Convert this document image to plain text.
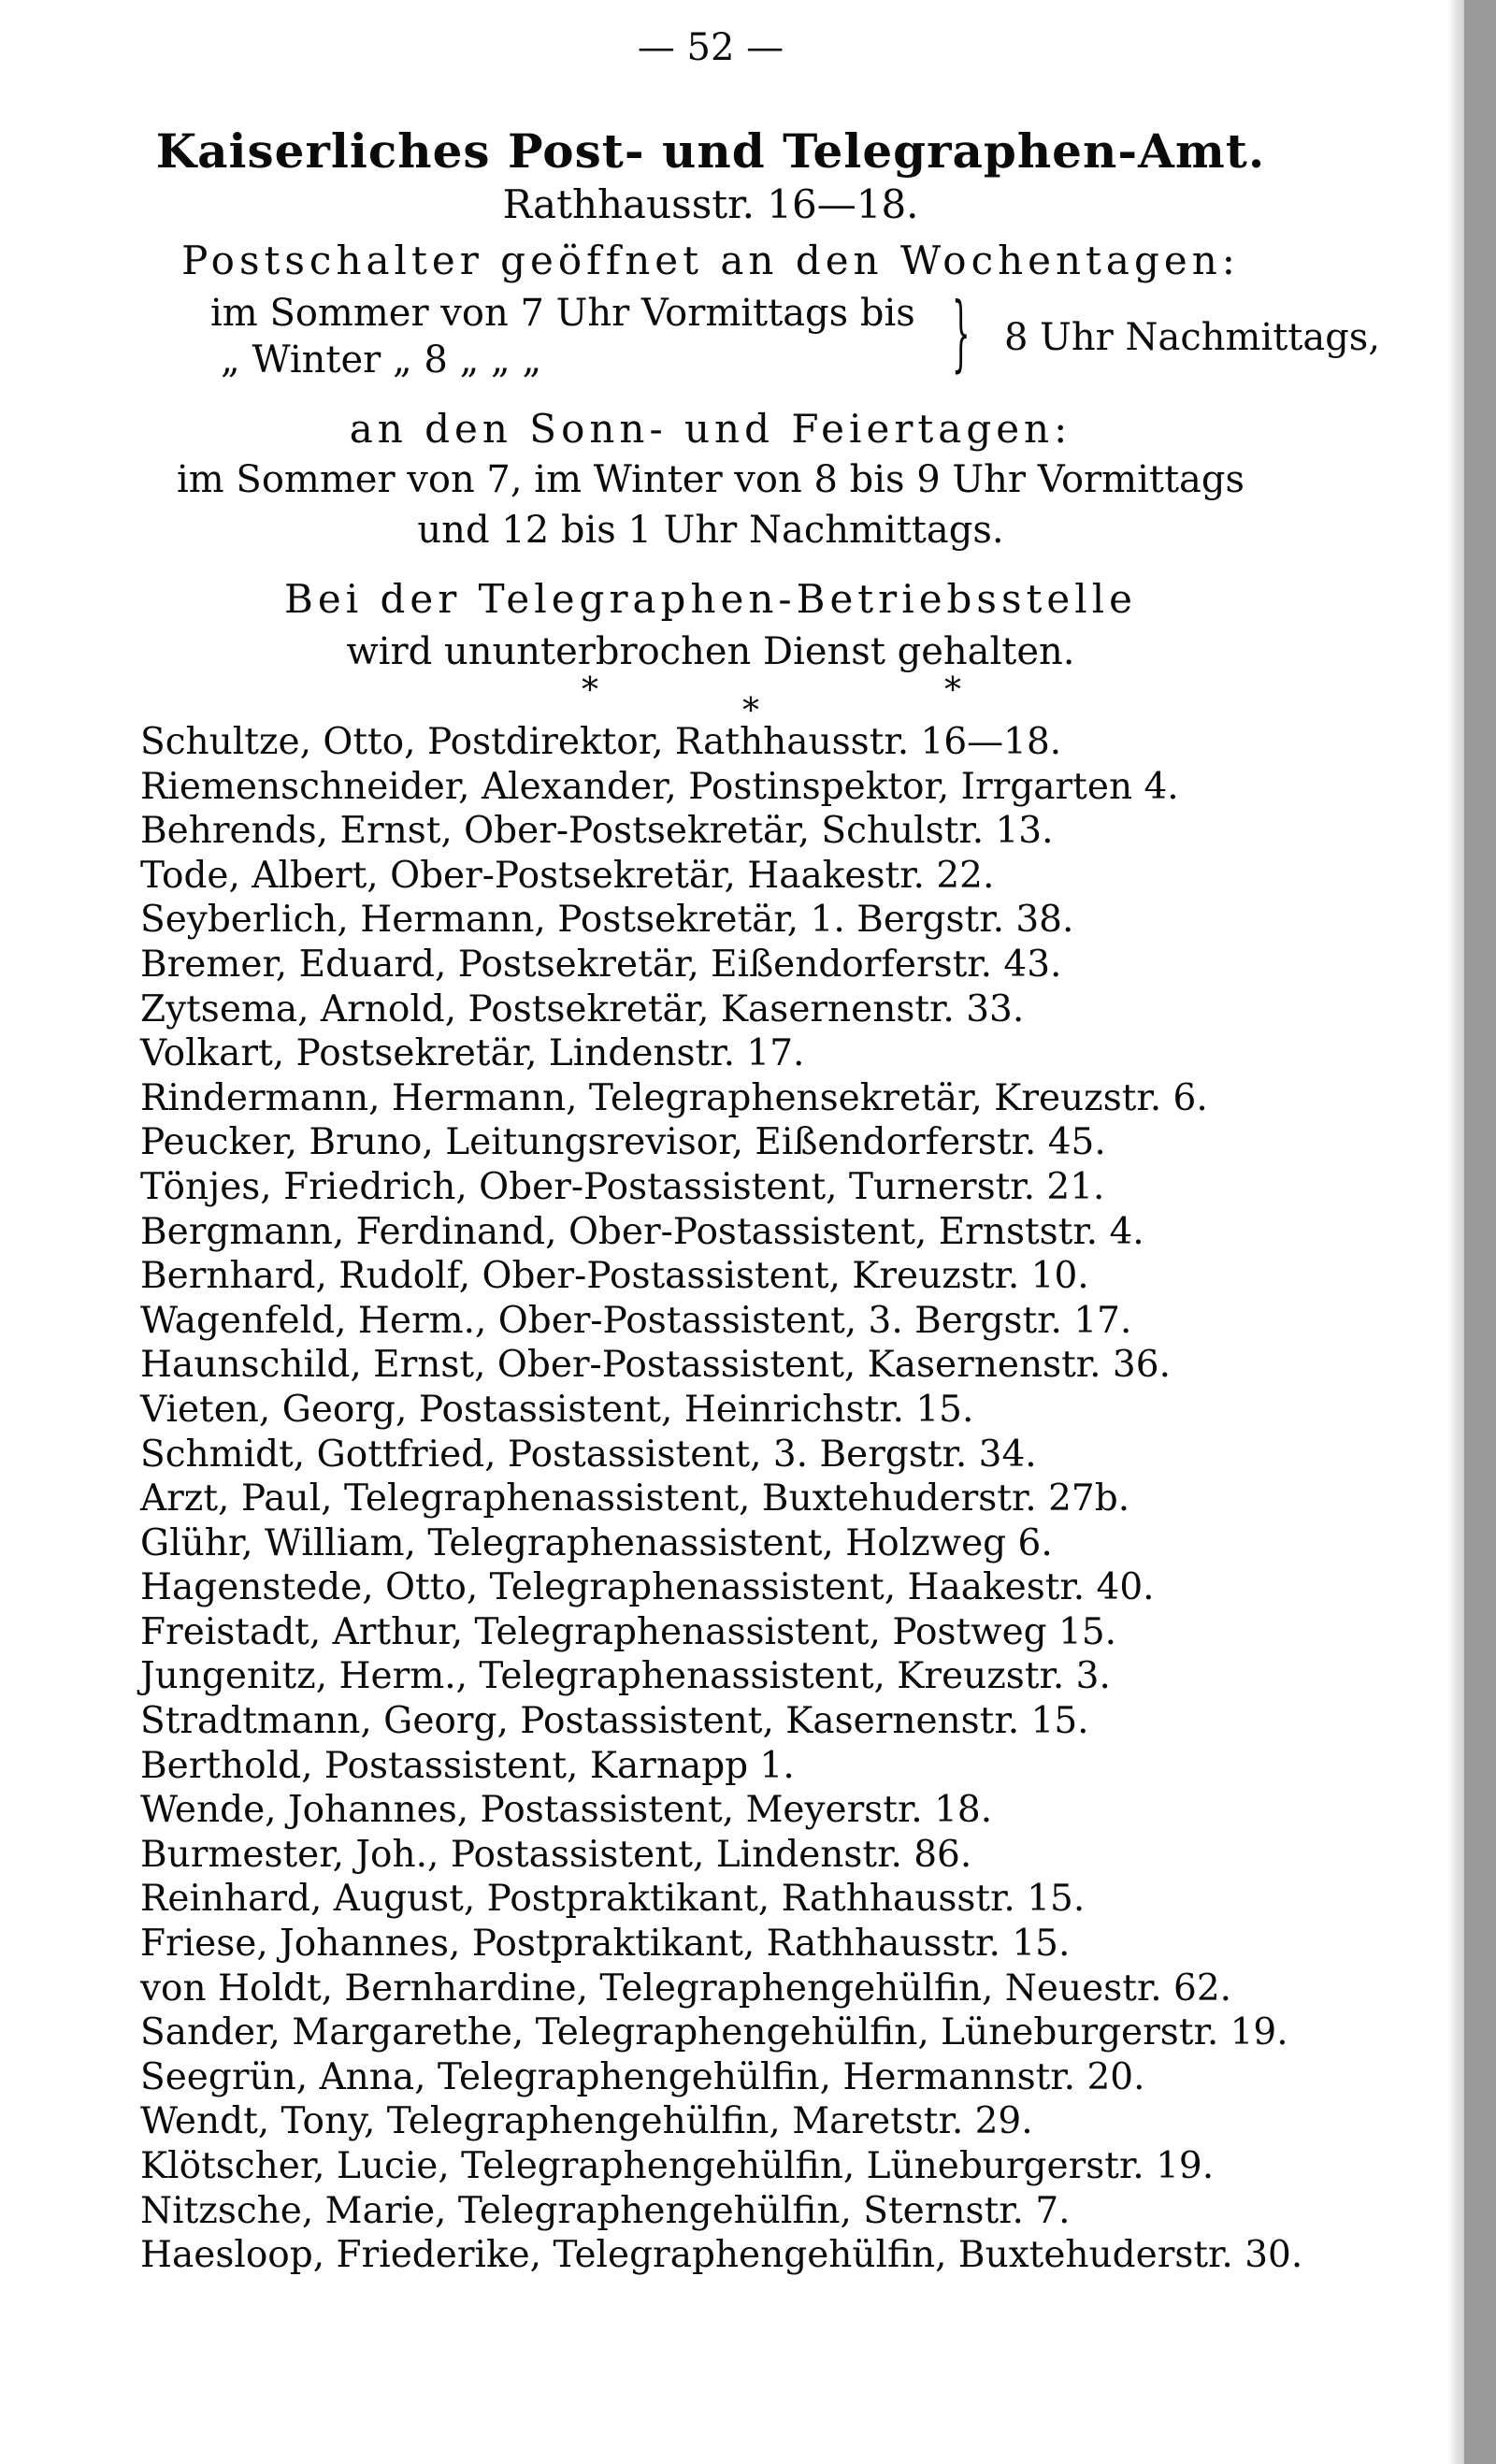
— 52 —
Kaiserliches Post- und Telegraphen-Amt.
Rathhausstr. 16—18.
Postschalter geöffnet an den Wochentagen:
im Sommer von 7 Uhr Vormittags bis
„ Winter „ 8 „ „ „	} 8 Uhr Nachmittags,
an den Sonn- und Feiertagen:
im Sommer von 7, im Winter von 8 bis 9 Uhr Vormittags
und 12 bis 1 Uhr Nachmittags.
Bei der Telegraphen-Betriebsstelle
wird ununterbrochen Dienst gehalten.
*
*
*
Schultze, Otto, Postdirektor, Rathhausstr. 16—18.
Riemenschneider, Alexander, Postinspektor, Irrgarten 4.
Behrends, Ernst, Ober-Postsekretär, Schulstr. 13.
Tode, Albert, Ober-Postsekretär, Haakestr. 22.
Seyberlich, Hermann, Postsekretär, 1. Bergstr. 38.
Bremer, Eduard, Postsekretär, Eißendorferstr. 43.
Zytsema, Arnold, Postsekretär, Kasernenstr. 33.
Volkart, Postsekretär, Lindenstr. 17.
Rindermann, Hermann, Telegraphensekretär, Kreuzstr. 6.
Peucker, Bruno, Leitungsrevisor, Eißendorferstr. 45.
Tönjes, Friedrich, Ober-Postassistent, Turnerstr. 21.
Bergmann, Ferdinand, Ober-Postassistent, Ernststr. 4.
Bernhard, Rudolf, Ober-Postassistent, Kreuzstr. 10.
Wagenfeld, Herm., Ober-Postassistent, 3. Bergstr. 17.
Haunschild, Ernst, Ober-Postassistent, Kasernenstr. 36.
Vieten, Georg, Postassistent, Heinrichstr. 15.
Schmidt, Gottfried, Postassistent, 3. Bergstr. 34.
Arzt, Paul, Telegraphenassistent, Buxtehuderstr. 27b.
Glühr, William, Telegraphenassistent, Holzweg 6.
Hagenstede, Otto, Telegraphenassistent, Haakestr. 40.
Freistadt, Arthur, Telegraphenassistent, Postweg 15.
Jungenitz, Herm., Telegraphenassistent, Kreuzstr. 3.
Stradtmann, Georg, Postassistent, Kasernenstr. 15.
Berthold, Postassistent, Karnapp 1.
Wende, Johannes, Postassistent, Meyerstr. 18.
Burmester, Joh., Postassistent, Lindenstr. 86.
Reinhard, August, Postpraktikant, Rathhausstr. 15.
Friese, Johannes, Postpraktikant, Rathhausstr. 15.
von Holdt, Bernhardine, Telegraphengehülfin, Neuestr. 62.
Sander, Margarethe, Telegraphengehülfin, Lüneburgerstr. 19.
Seegrün, Anna, Telegraphengehülfin, Hermannstr. 20.
Wendt, Tony, Telegraphengehülfin, Maretstr. 29.
Klötscher, Lucie, Telegraphengehülfin, Lüneburgerstr. 19.
Nitzsche, Marie, Telegraphengehülfin, Sternstr. 7.
Haesloop, Friederike, Telegraphengehülfin, Buxtehuderstr. 30.
